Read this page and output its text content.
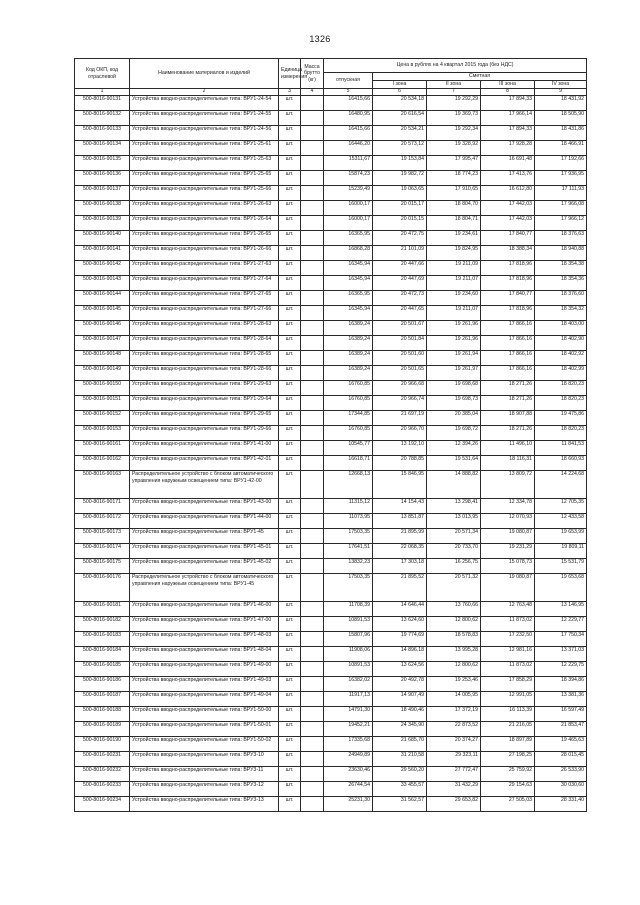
1326
Код ОКП, код отраслевой	Наименование материалов и изделий	Единица измерения	Масса брутто (кг)	Цена в рублях на 4 квартал 2015 года (без НДС)				
				отпускная	Сметная			
					I зона	II зона	III зона	IV зона
1	2	3	4	5	6	7	8	9
500-8016-90131	Устройства вводно-распределительные типа: ВРУ1-24-54	шт.		16415,66	20 534,18	19 292,29	17 894,33	18 431,92
500-8016-90132	Устройства вводно-распределительные типа: ВРУ1-24-55	шт.		16480,95	20 616,54	19 369,73	17 966,14	18 505,90
500-8016-90133	Устройства вводно-распределительные типа: ВРУ1-24-56	шт.		16415,66	20 534,21	19 292,34	17 894,33	18 431,86
500-8016-90134	Устройства вводно-распределительные типа: ВРУ1-25-61	шт.		16446,20	20 573,12	19 328,92	17 928,28	18 466,91
500-8016-90135	Устройства вводно-распределительные типа: ВРУ1-25-63	шт.		15311,67	19 153,84	17 995,47	16 691,48	17 192,66
500-8016-90136	Устройства вводно-распределительные типа: ВРУ1-25-65	шт.		15874,23	19 982,72	18 774,23	17 413,76	17 936,95
500-8016-90137	Устройства вводно-распределительные типа: ВРУ1-25-66	шт.		15239,49	19 063,65	17 910,65	16 612,80	17 111,93
500-8016-90138	Устройства вводно-распределительные типа: ВРУ1-26-63	шт.		16000,17	20 015,17	18 804,70	17 442,03	17 966,08
500-8016-90139	Устройства вводно-распределительные типа: ВРУ1-26-64	шт.		16000,17	20 015,15	18 804,71	17 442,03	17 966,12
500-8016-90140	Устройства вводно-распределительные типа: ВРУ1-26-65	шт.		16365,95	20 472,75	19 234,61	17 840,77	18 376,63
500-8016-90141	Устройства вводно-распределительные типа: ВРУ1-26-66	шт.		16868,28	21 101,09	19 824,95	18 388,34	18 940,88
500-8016-90142	Устройства вводно-распределительные типа: ВРУ1-27-63	шт.		16345,94	20 447,66	19 211,09	17 818,96	18 354,38
500-8016-90143	Устройства вводно-распределительные типа: ВРУ1-27-64	шт.		16345,94	20 447,69	19 211,07	17 818,96	18 354,36
500-8016-90144	Устройства вводно-распределительные типа: ВРУ1-27-65	шт.		16365,95	20 472,73	19 234,60	17 840,77	18 376,60
500-8016-90145	Устройства вводно-распределительные типа: ВРУ1-27-66	шт.		16345,94	20 447,65	19 211,07	17 818,96	18 354,32
500-8016-90146	Устройства вводно-распределительные типа: ВРУ1-28-63	шт.		16389,24	20 501,67	19 261,96	17 866,16	18 403,00
500-8016-90147	Устройства вводно-распределительные типа: ВРУ1-28-64	шт.		16389,24	20 501,84	19 261,96	17 866,16	18 402,90
500-8016-90148	Устройства вводно-распределительные типа: ВРУ1-28-65	шт.		16389,24	20 501,60	19 261,94	17 866,16	18 402,92
500-8016-90149	Устройства вводно-распределительные типа: ВРУ1-28-66	шт.		16389,24	20 501,65	19 261,97	17 866,16	18 402,99
500-8016-90150	Устройства вводно-распределительные типа: ВРУ1-29-63	шт.		16760,85	20 966,68	19 698,68	18 271,26	18 820,23
500-8016-90151	Устройства вводно-распределительные типа: ВРУ1-29-64	шт.		16760,85	20 966,74	19 698,73	18 271,26	18 820,23
500-8016-90152	Устройства вводно-распределительные типа: ВРУ1-29-65	шт.		17344,85	21 697,19	20 385,04	18 907,88	19 475,86
500-8016-90153	Устройства вводно-распределительные типа: ВРУ1-29-66	шт.		16760,85	20 966,70	19 698,72	18 271,26	18 820,23
500-8016-90161	Устройства вводно-распределительные типа: ВРУ1-41-00	шт.		10545,77	13 192,10	12 394,26	11 496,10	11 841,53
500-8016-90162	Устройства вводно-распределительные типа: ВРУ1-42-01	шт.		16618,71	20 788,85	19 531,64	18 116,31	18 660,93
500-8016-90163	Распределительное устройство с блоком автоматического управления наружным освещением типа: ВРУ1-42-00	шт.		12668,13	15 846,95	14 888,82	13 809,72	14 224,68
500-8016-90171	Устройства вводно-распределительные типа: ВРУ1-43-00	шт.		11315,12	14 154,43	13 298,41	12 334,78	12 705,35
500-8016-90172	Устройства вводно-распределительные типа: ВРУ1-44-00	шт.		11073,95	13 851,87	13 013,95	12 070,93	12 433,58
500-8016-90173	Устройства вводно-распределительные типа: ВРУ1-45	шт.		17503,35	21 895,99	20 571,34	19 080,87	19 653,99
500-8016-90174	Устройства вводно-распределительные типа: ВРУ1-45-01	шт.		17641,51	22 068,35	20 733,70	19 231,29	19 809,11
500-8016-90175	Устройства вводно-распределительные типа: ВРУ1-45-02	шт.		13832,23	17 303,18	16 256,75	15 078,73	15 531,79
500-8016-90176	Распределительное устройство с блоком автоматического управления наружным освещением типа: ВРУ1-45	шт.		17503,35	21 895,52	20 571,32	19 080,87	19 653,68
500-8016-90181	Устройства вводно-распределительные типа: ВРУ1-46-00	шт.		11708,39	14 646,44	13 760,66	12 763,48	13 146,95
500-8016-90182	Устройства вводно-распределительные типа: ВРУ1-47-00	шт.		10891,53	13 624,60	12 800,62	11 873,02	12 229,77
500-8016-90183	Устройства вводно-распределительные типа: ВРУ1-48-03	шт.		15807,96	19 774,69	18 578,83	17 232,50	17 750,34
500-8016-90184	Устройства вводно-распределительные типа: ВРУ1-48-04	шт.		11908,06	14 896,18	13 995,28	12 981,16	13 371,03
500-8016-90185	Устройства вводно-распределительные типа: ВРУ1-49-00	шт.		10891,53	13 624,56	12 800,62	11 873,02	12 229,75
500-8016-90186	Устройства вводно-распределительные типа: ВРУ1-49-03	шт.		16382,02	20 492,78	19 253,46	17 858,29	18 394,86
500-8016-90187	Устройства вводно-распределительные типа: ВРУ1-49-04	шт.		11917,13	14 907,49	14 005,95	12 991,05	13 381,36
500-8016-90188	Устройства вводно-распределительные типа: ВРУ1-50-00	шт.		14791,30	18 490,46	17 372,19	16 113,39	16 597,49
500-8016-90189	Устройства вводно-распределительные типа: ВРУ1-50-01	шт.		19452,21	24 345,90	22 873,52	21 216,05	21 853,47
500-8016-90190	Устройства вводно-распределительные типа: ВРУ1-50-02	шт.		17335,68	21 685,70	20 374,27	18 897,89	19 465,63
500-8016-90231	Устройства вводно-распределительные типа: ВРУ3-10	шт.		24949,89	31 210,58	29 323,11	27 198,25	28 015,45
500-8016-90232	Устройства вводно-распределительные типа: ВРУ3-11	шт.		23630,46	29 560,20	27 772,47	25 759,92	26 533,90
500-8016-90233	Устройства вводно-распределительные типа: ВРУ3-12	шт.		26744,54	33 455,57	31 432,29	29 154,63	30 030,60
500-8016-90234	Устройства вводно-распределительные типа: ВРУ3-13	шт.		25231,30	31 562,57	29 653,82	27 505,03	28 331,40
